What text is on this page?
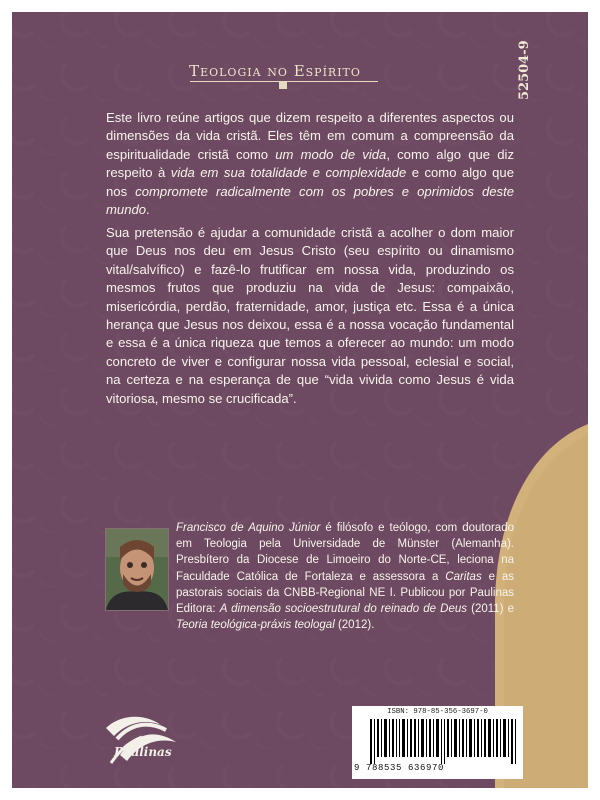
Teologia no Espírito	52504-9

Este livro reúne artigos que dizem respeito a diferentes aspectos ou dimensões da vida cristã. Eles têm em comum a compreensão da espiritualidade cristã como um modo de vida, como algo que diz respeito à vida em sua totalidade e complexidade e como algo que nos compromete radicalmente com os pobres e oprimidos deste mundo.

Sua pretensão é ajudar a comunidade cristã a acolher o dom maior que Deus nos deu em Jesus Cristo (seu espírito ou dinamismo vital/salvífico) e fazê-lo frutificar em nossa vida, produzindo os mesmos frutos que produziu na vida de Jesus: compaixão, misericórdia, perdão, fraternidade, amor, justiça etc. Essa é a única herança que Jesus nos deixou, essa é a nossa vocação fundamental e essa é a única riqueza que temos a oferecer ao mundo: um modo concreto de viver e configurar nossa vida pessoal, eclesial e social, na certeza e na esperança de que “vida vivida como Jesus é vida vitoriosa, mesmo se crucificada”.

Francisco de Aquino Júnior é filósofo e teólogo, com doutorado em Teologia pela Universidade de Münster (Alemanha). Presbítero da Diocese de Limoeiro do Norte-CE, leciona na Faculdade Católica de Fortaleza e assessora a Caritas e as pastorais sociais da CNBB-Regional NE I. Publicou por Paulinas Editora: A dimensão socioestrutural do reinado de Deus (2011) e Teoria teológica-práxis teologal (2012).
ISBN: 978-85-356-3697-0
9 788535 636970
Paulinas
